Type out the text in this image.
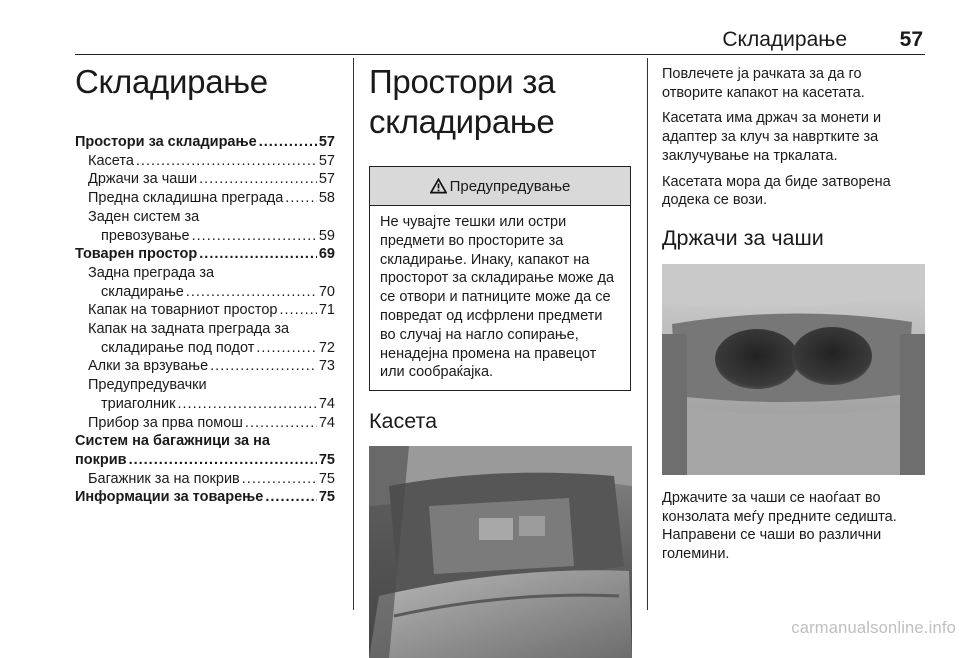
Складирање	57
Складирање
Простори за складирање .....	57
Касета .....	57
Држачи за чаши .....	57
Предна складишна преграда ..... 58
Заден систем за
превозување .....	59
Товарен простор .....	69
Задна преграда за
складирање .....	70
Капак на товарниот простор .....	71
Капак на задната преграда за
складирање под подот .....	72
Алки за врзување .....	73
Предупредувачки
триаголник .....	74
Прибор за прва помош .....	74
Систем на багажници за на
покрив .....	75
Багажник за на покрив .....	75
Информации за товарење .....	75
Простори за
складирање
Предупредување
Не чувајте тешки или остри предмети во просторите за складирање. Инаку, капакот на просторот за складирање може да се отвори и патниците може да се повредат од исфрлени предмети во случај на нагло сопирање, ненадејна промена на правецот или сообраќајка.
Касета

Повлечете ја рачката за да го отворите капакот на касетата.

Касетата има држач за монети и адаптер за клуч за навртките за заклучување на тркалата.

Касетата мора да биде затворена додека се вози.

Држачи за чаши

Држачите за чаши се наоѓаат во конзолата меѓу предните седишта. Направени се чаши во различни големини.

carmanualsonline.info
